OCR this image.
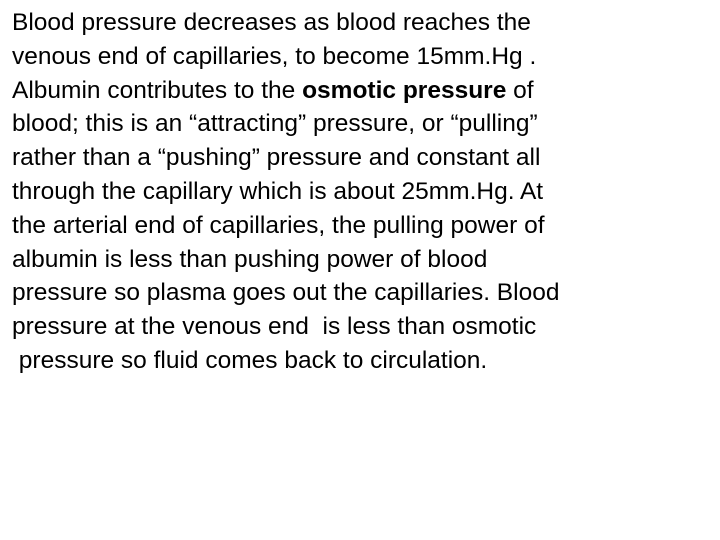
Blood pressure decreases as blood reaches the
venous end of capillaries, to become 15mm.Hg .
Albumin contributes to the osmotic pressure of
blood; this is an “attracting” pressure, or “pulling”
rather than a “pushing” pressure and constant all
through the capillary which is about 25mm.Hg. At
the arterial end of capillaries, the pulling power of
albumin is less than pushing power of blood
pressure so plasma goes out the capillaries. Blood
pressure at the venous end  is less than osmotic
pressure so fluid comes back to circulation.
